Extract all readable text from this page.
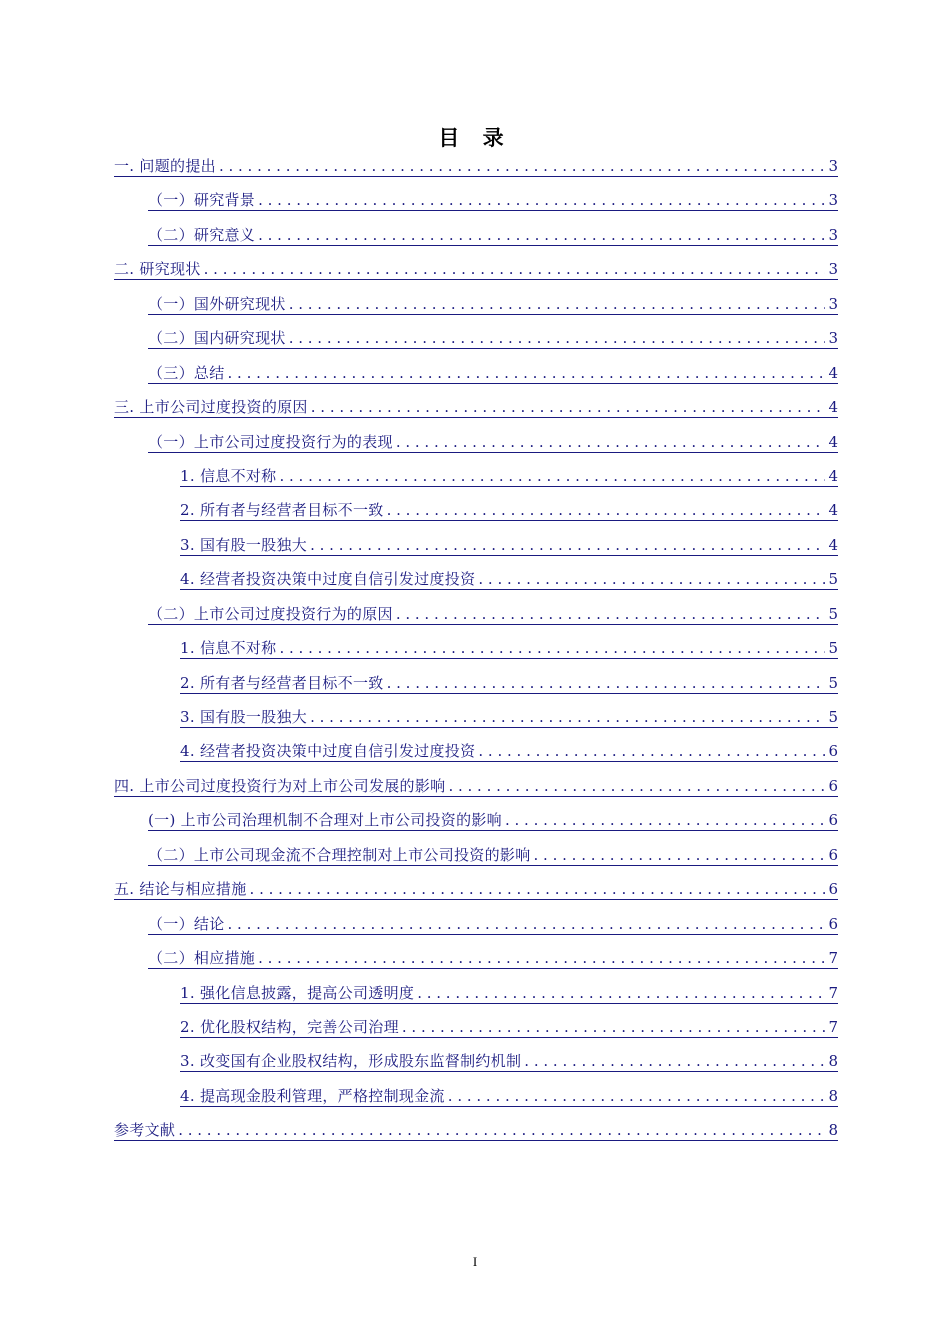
目 录
一. 问题的提出 . . .	3
（一）研究背景 . . .	3
（二）研究意义 . . .	3
二. 研究现状 . . .	3
（一）国外研究现状 . . .	3
（二）国内研究现状 . . .	3
（三）总结 . . .	4
三. 上市公司过度投资的原因 . . .	4
（一）上市公司过度投资行为的表现 . . .	4
1. 信息不对称 . . .	4
2. 所有者与经营者目标不一致 . . .	4
3. 国有股一股独大 . . .	4
4. 经营者投资决策中过度自信引发过度投资 . . .	5
（二）上市公司过度投资行为的原因 . . .	5
1. 信息不对称 . . .	5
2. 所有者与经营者目标不一致 . . .	5
3. 国有股一股独大 . . .	5
4. 经营者投资决策中过度自信引发过度投资 . . .	6
四. 上市公司过度投资行为对上市公司发展的影响 . . .	6
(一) 上市公司治理机制不合理对上市公司投资的影响 . . .	6
（二）上市公司现金流不合理控制对上市公司投资的影响 . . .	6
五. 结论与相应措施 . . .	6
（一）结论 . . .	6
（二）相应措施 . . .	7
1. 强化信息披露，提高公司透明度 . . .	7
2. 优化股权结构，完善公司治理 . . .	7
3. 改变国有企业股权结构，形成股东监督制约机制 . . .	8
4. 提高现金股利管理，严格控制现金流 . . .	8
参考文献 . . .	8
I
